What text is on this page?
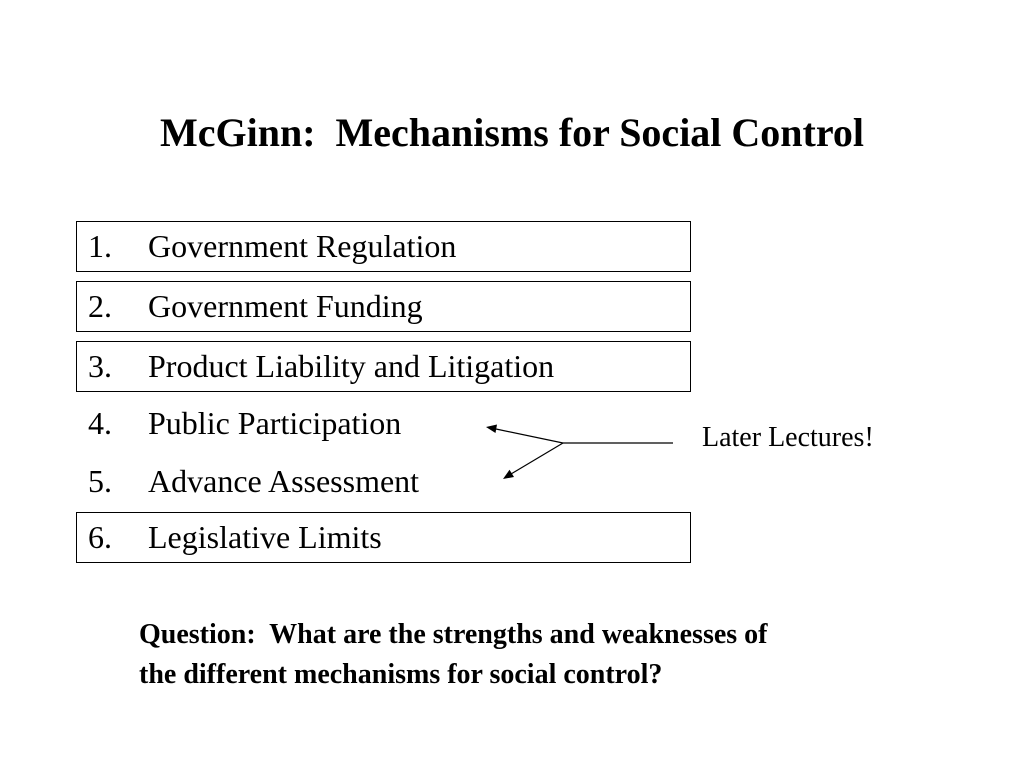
McGinn:  Mechanisms for Social Control
1. Government Regulation
2. Government Funding
3. Product Liability and Litigation
4. Public Participation
5. Advance Assessment
6. Legislative Limits
Later Lectures!
Question:  What are the strengths and weaknesses of
the different mechanisms for social control?
